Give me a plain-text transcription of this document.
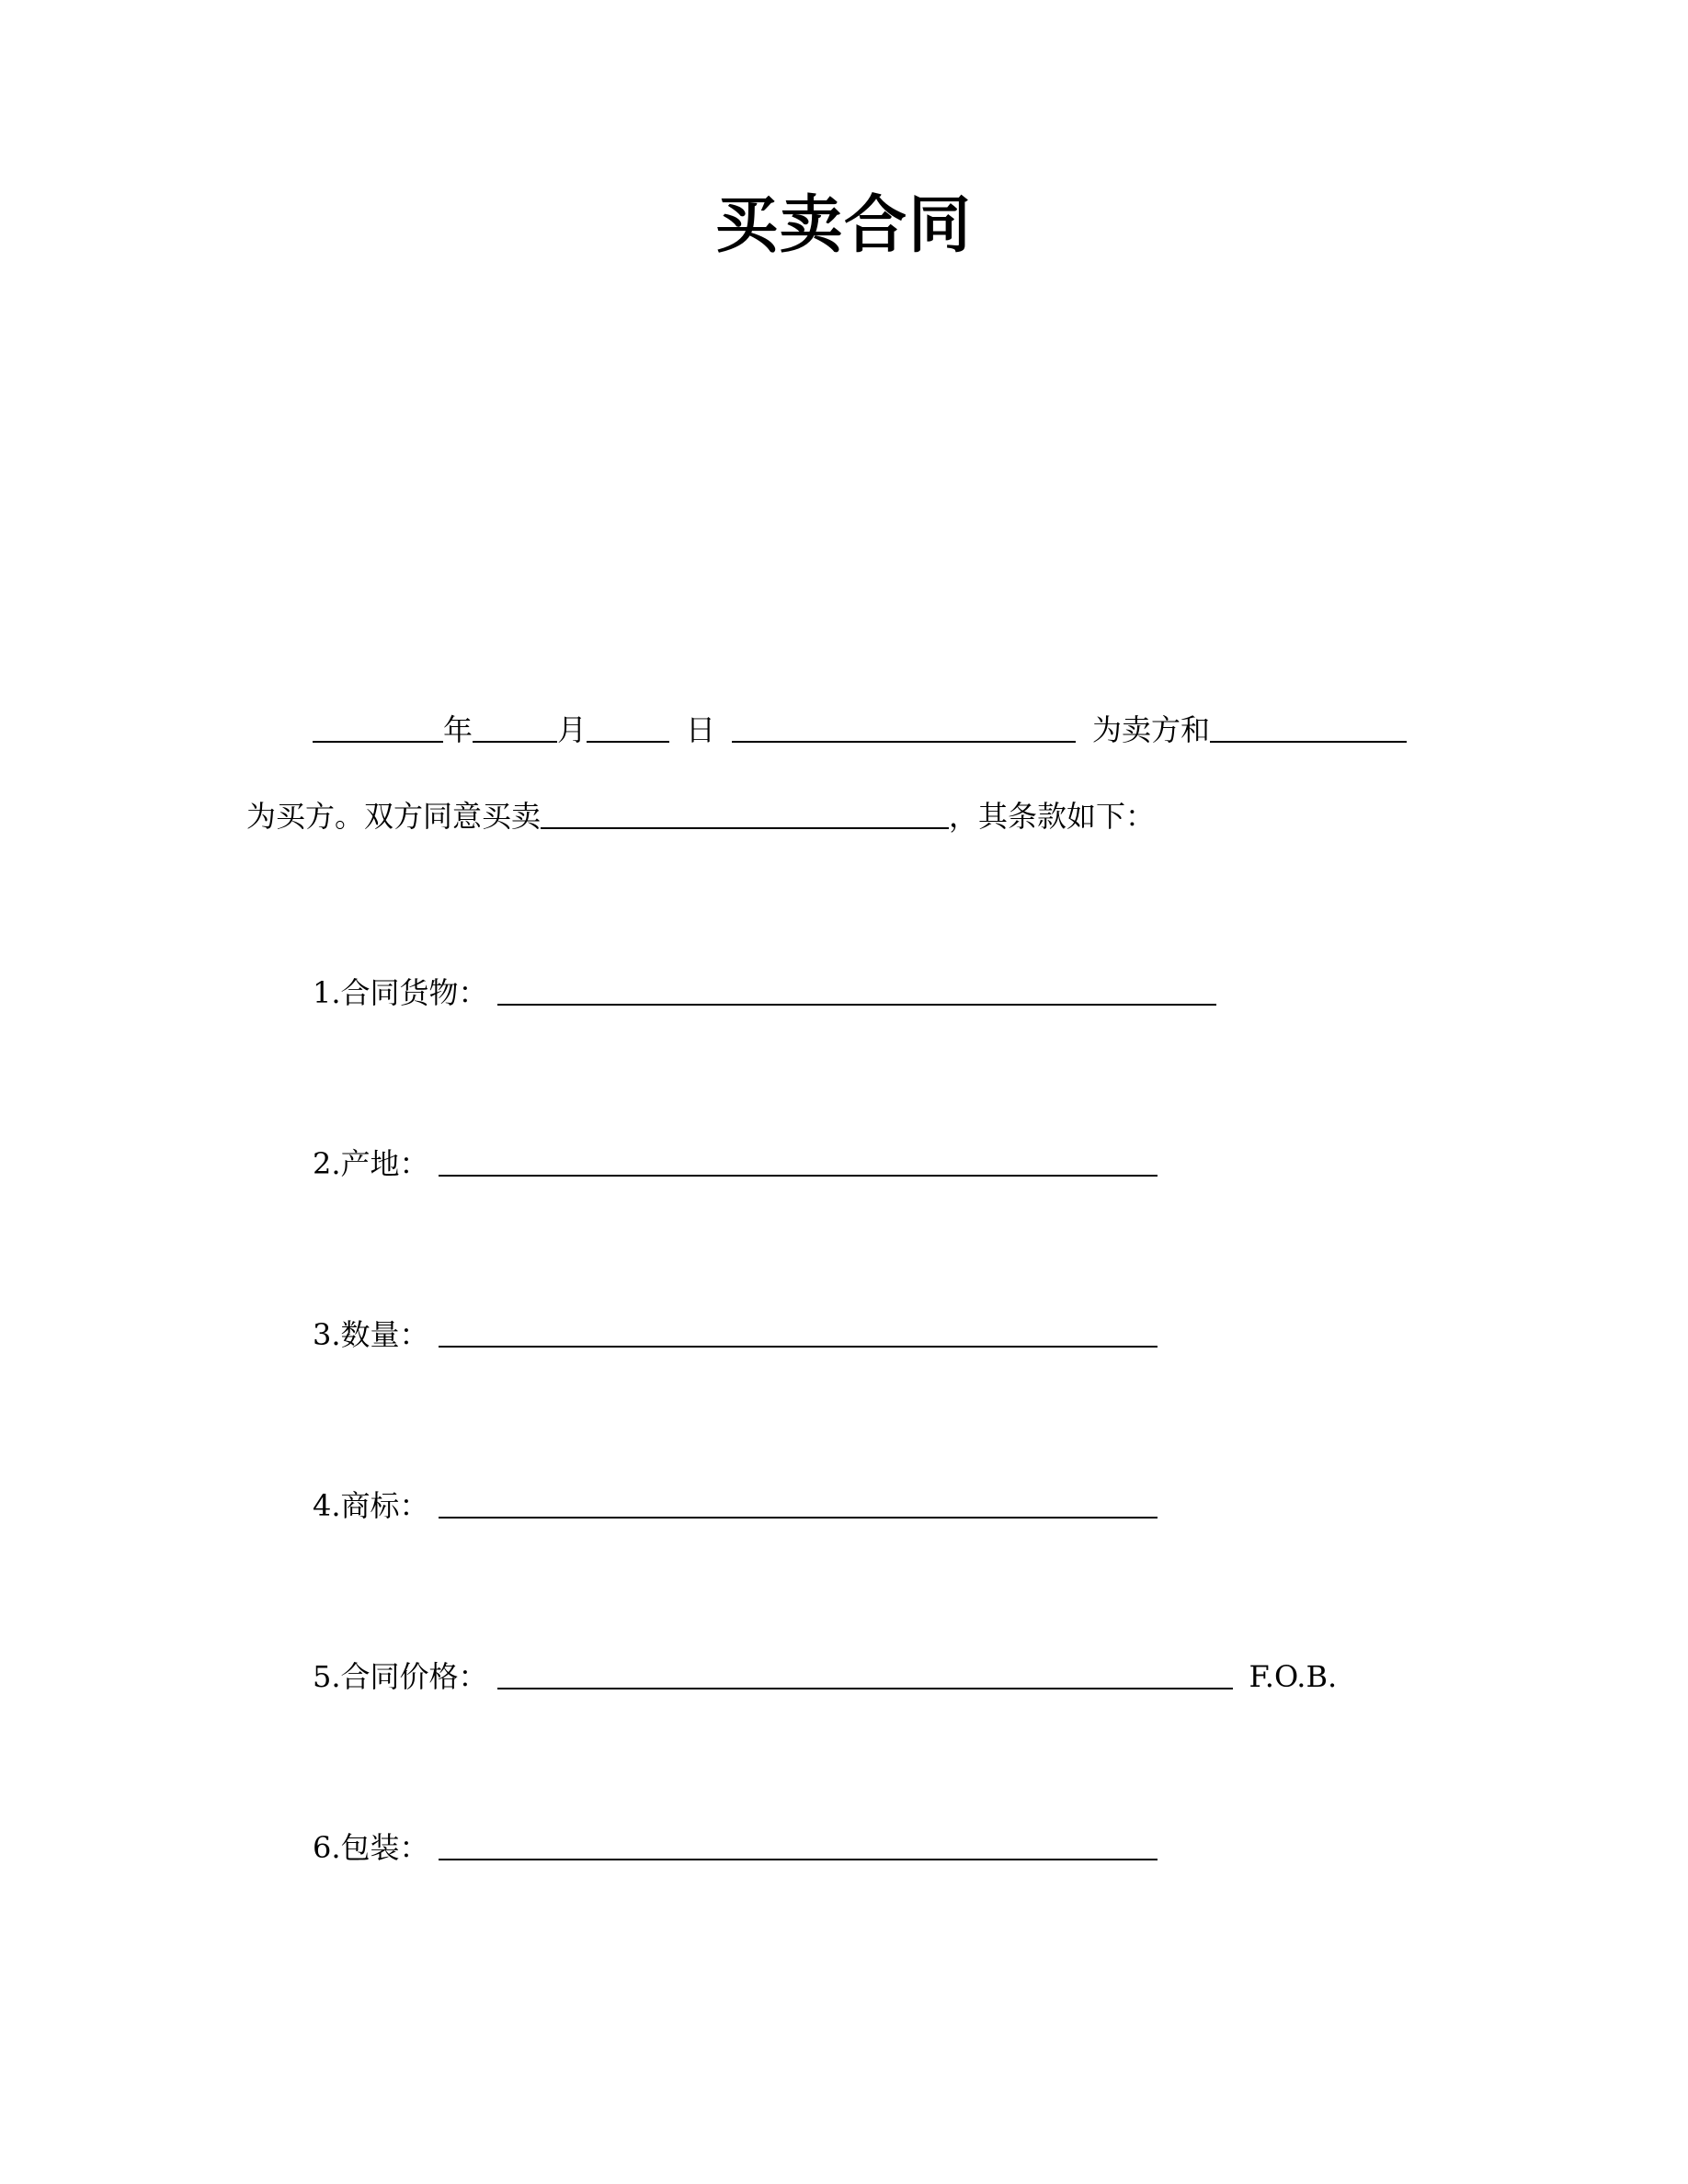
买卖合同
年	月	日	为卖方和
为买方。双方同意买卖	，其条款如下：
1.合同货物：
2.产地：
3.数量：
4.商标：
5.合同价格：	F.O.B.
6.包装：
